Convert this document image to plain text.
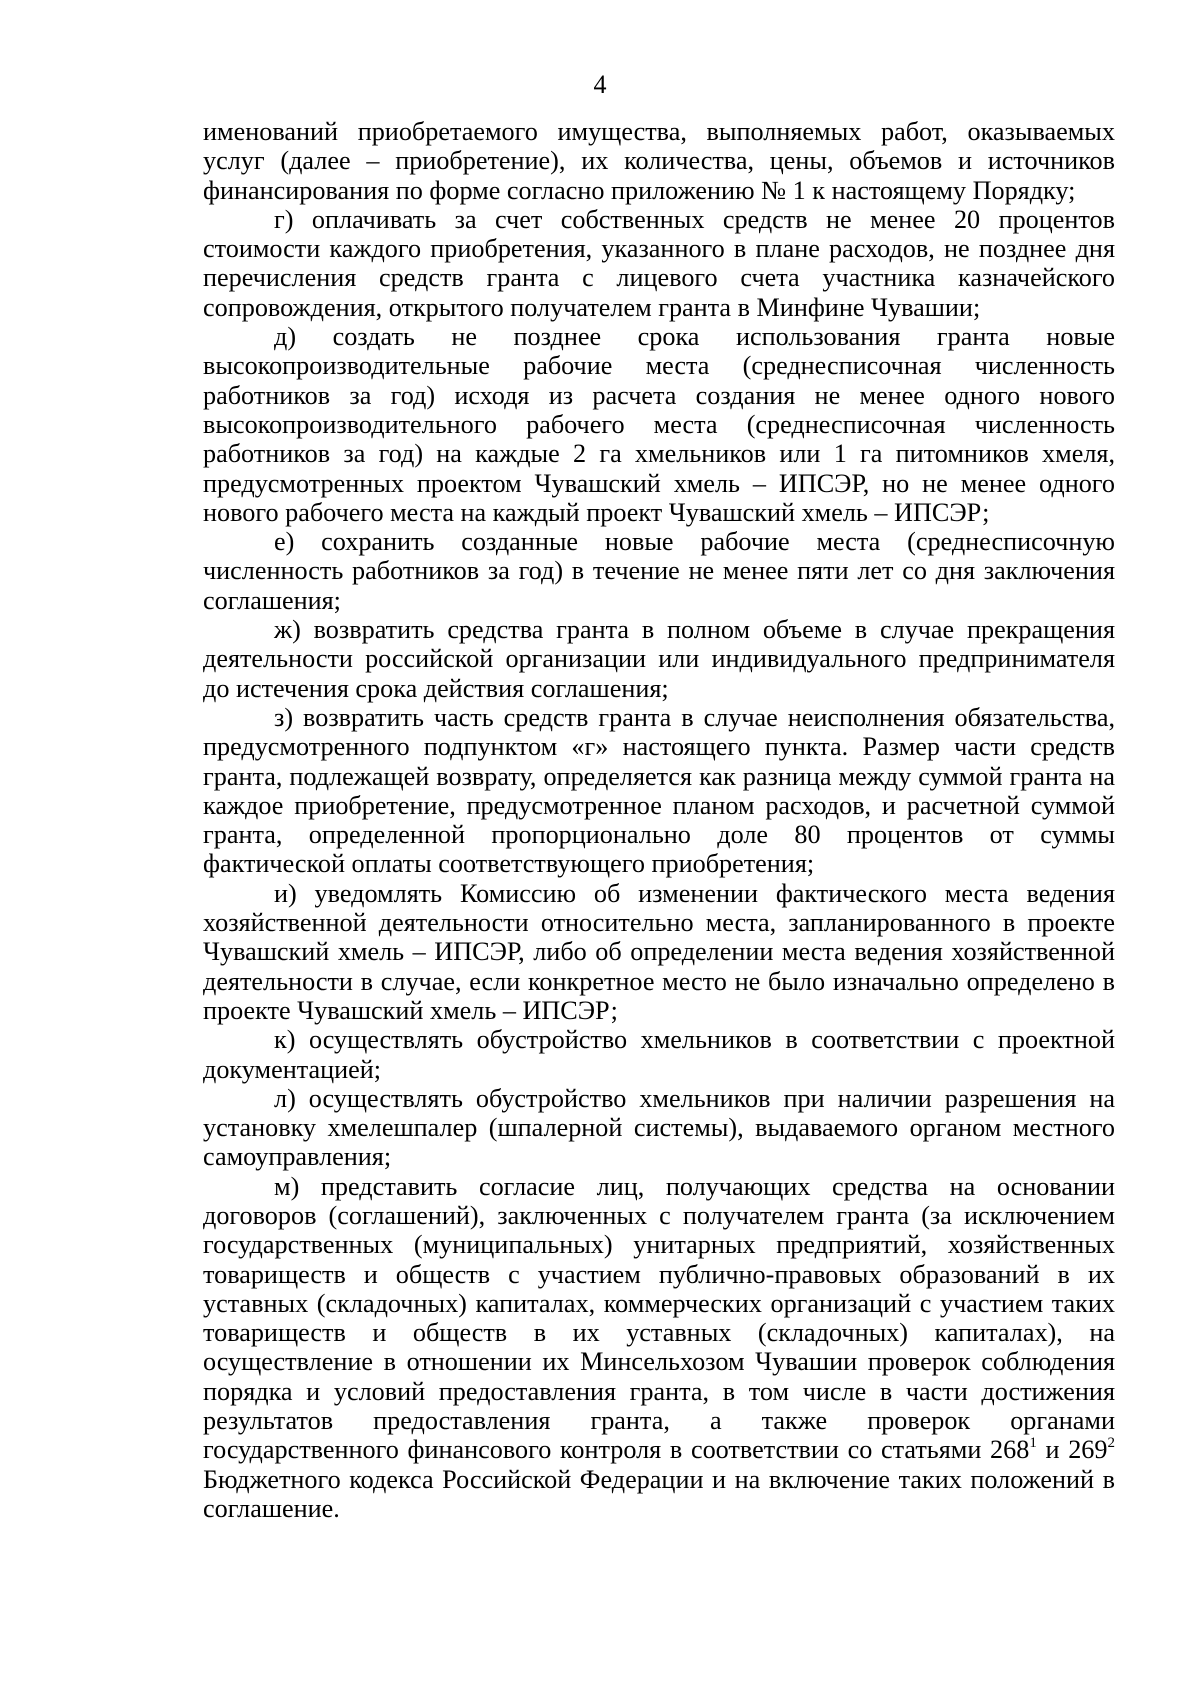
4

именований приобретаемого имущества, выполняемых работ, оказываемых услуг (далее – приобретение), их количества, цены, объемов и источников финансирования по форме согласно приложению № 1 к настоящему Порядку;

г) оплачивать за счет собственных средств не менее 20 процентов стоимости каждого приобретения, указанного в плане расходов, не позднее дня перечисления средств гранта с лицевого счета участника казначейского сопровождения, открытого получателем гранта в Минфине Чувашии;

д) создать не позднее срока использования гранта новые высокопроизводительные рабочие места (среднесписочная численность работников за год) исходя из расчета создания не менее одного нового высокопроизводительного рабочего места (среднесписочная численность работников за год) на каждые 2 га хмельников или 1 га питомников хмеля, предусмотренных проектом Чувашский хмель – ИПСЭР, но не менее одного нового рабочего места на каждый проект Чувашский хмель – ИПСЭР;

е) сохранить созданные новые рабочие места (среднесписочную численность работников за год) в течение не менее пяти лет со дня заключения соглашения;

ж) возвратить средства гранта в полном объеме в случае прекращения деятельности российской организации или индивидуального предпринимателя до истечения срока действия соглашения;

з) возвратить часть средств гранта в случае неисполнения обязательства, предусмотренного подпунктом «г» настоящего пункта. Размер части средств гранта, подлежащей возврату, определяется как разница между суммой гранта на каждое приобретение, предусмотренное планом расходов, и расчетной суммой гранта, определенной пропорционально доле 80 процентов от суммы фактической оплаты соответствующего приобретения;

и) уведомлять Комиссию об изменении фактического места ведения хозяйственной деятельности относительно места, запланированного в проекте Чувашский хмель – ИПСЭР, либо об определении места ведения хозяйственной деятельности в случае, если конкретное место не было изначально определено в проекте Чувашский хмель – ИПСЭР;

к) осуществлять обустройство хмельников в соответствии с проектной документацией;

л) осуществлять обустройство хмельников при наличии разрешения на установку хмелешпалер (шпалерной системы), выдаваемого органом местного самоуправления;

м) представить согласие лиц, получающих средства на основании договоров (соглашений), заключенных с получателем гранта (за исключением государственных (муниципальных) унитарных предприятий, хозяйственных товариществ и обществ с участием публично-правовых образований в их уставных (складочных) капиталах, коммерческих организаций с участием таких товариществ и обществ в их уставных (складочных) капиталах), на осуществление в отношении их Минсельхозом Чувашии проверок соблюдения порядка и условий предоставления гранта, в том числе в части достижения результатов предоставления гранта, а также проверок органами государственного финансового контроля в соответствии со статьями $268^1$ и $269^2$ Бюджетного кодекса Российской Федерации и на включение таких положений в соглашение.
